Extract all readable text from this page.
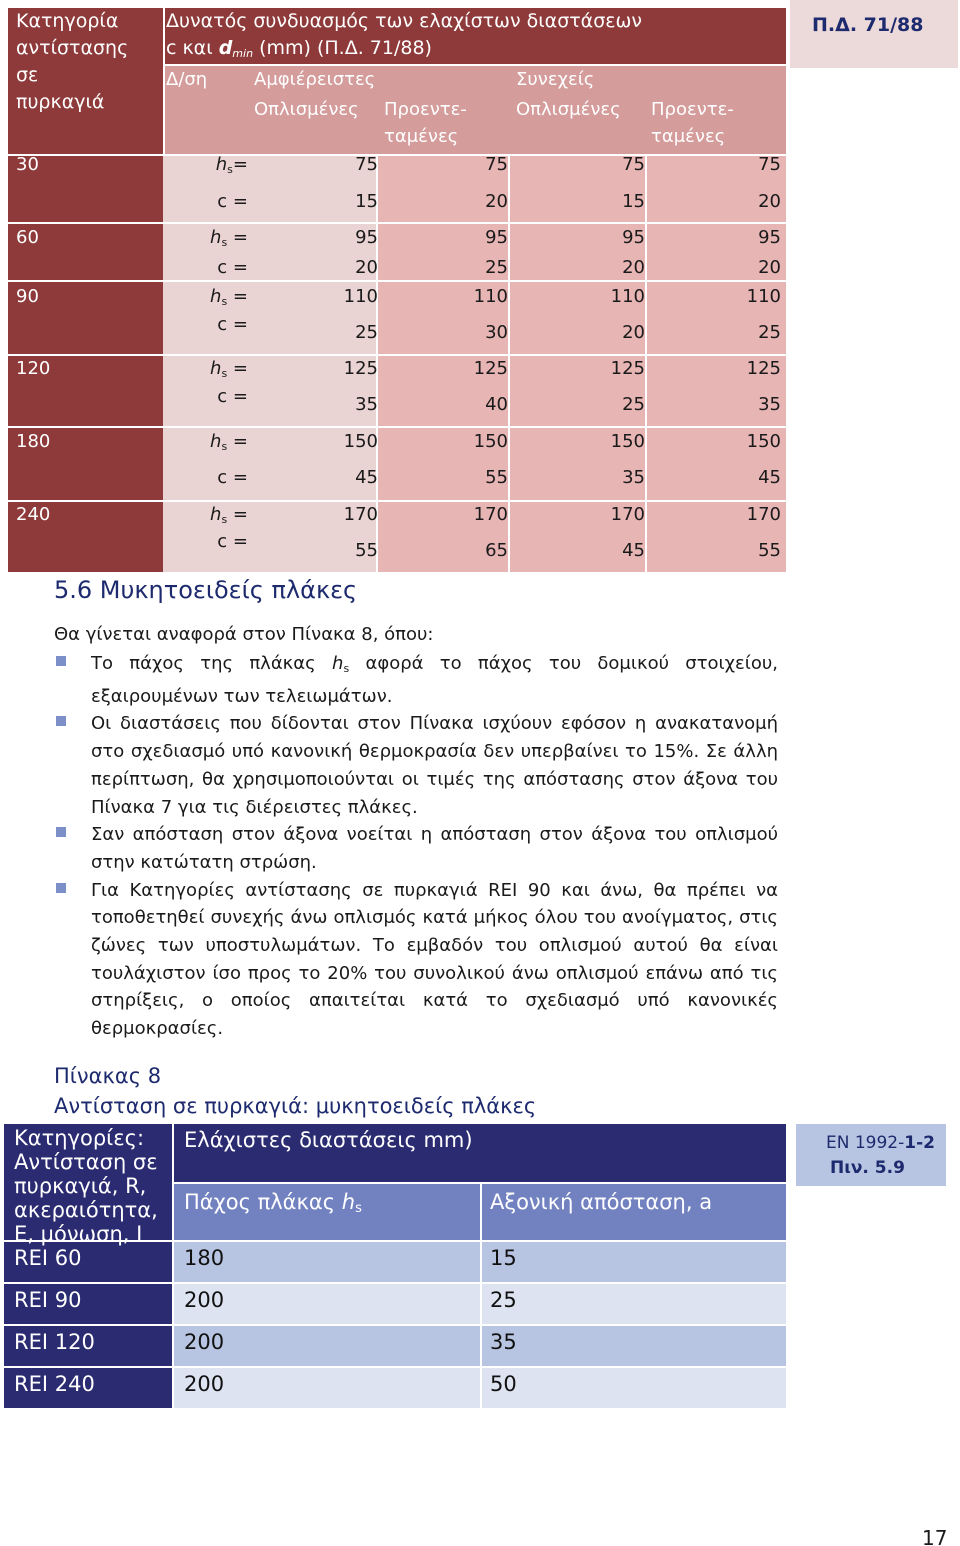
Κατηγορία
αντίστασης
σε
πυρκαγιά
Δυνατός συνδυασμός των ελαχίστων διαστάσεων
c και $d_{min}$ (mm) (Π.Δ. 71/88)
Δ/ση	Αμφιέρειστες	Συνεχείς
Οπλισμένες Προεντε-
ταμένες
Οπλισμένες Προεντε-
ταμένες
30	$h_s=$	75	75	75	75
c =	15	20	15	20
60	$h_s$ =	95	95	95	95
c =	20	25	20	20
90	$h_s$ =	110	110	110	110
c =	25	30	20	25
120	$h_s$ =	125	125	125	125
c =	35	40	25	35
180	$h_s$ =	150	150	150	150
c =	45	55	35	45
240	$h_s$ =	170	170	170	170
c =	55	65	45	55
Π.Δ. 71/88
5.6 Μυκητοειδείς πλάκες
Θα γίνεται αναφορά στον Πίνακα 8, όπου:
Το πάχος της πλάκας $h_s$ αφορά το πάχος του δομικού στοιχείου, εξαιρουμένων των τελειωμάτων.
Οι διαστάσεις που δίδονται στον Πίνακα ισχύουν εφόσον η ανακατανομή στο σχεδιασμό υπό κανονική θερμοκρασία δεν υπερβαίνει το 15%. Σε άλλη περίπτωση, θα χρησιμοποιούνται οι τιμές της απόστασης στον άξονα του Πίνακα 7 για τις διέρειστες πλάκες.
Σαν απόσταση στον άξονα νοείται η απόσταση στον άξονα του οπλισμού στην κατώτατη στρώση.
Για Κατηγορίες αντίστασης σε πυρκαγιά REI 90 και άνω, θα πρέπει να τοποθετηθεί συνεχής άνω οπλισμός κατά μήκος όλου του ανοίγματος, στις ζώνες των υποστυλωμάτων. Το εμβαδόν του οπλισμού αυτού θα είναι τουλάχιστον ίσο προς το 20% του συνολικού άνω οπλισμού επάνω από τις στηρίξεις, ο οποίος απαιτείται κατά το σχεδιασμό υπό κανονικές θερμοκρασίες.
Πίνακας 8
Αντίσταση σε πυρκαγιά: μυκητοειδείς πλάκες
Κατηγορίες:
Αντίσταση σε
πυρκαγιά, R,
ακεραιότητα,
Ε, μόνωση, Ι
Ελάχιστες διαστάσεις mm)
Πάχος πλάκας $h_s$	Αξονική απόσταση, a
REI 60	180	15
REI 90	200	25
REI 120	200	35
REI 240	200	50
EN 1992-1-2
Πιν. 5.9
17
